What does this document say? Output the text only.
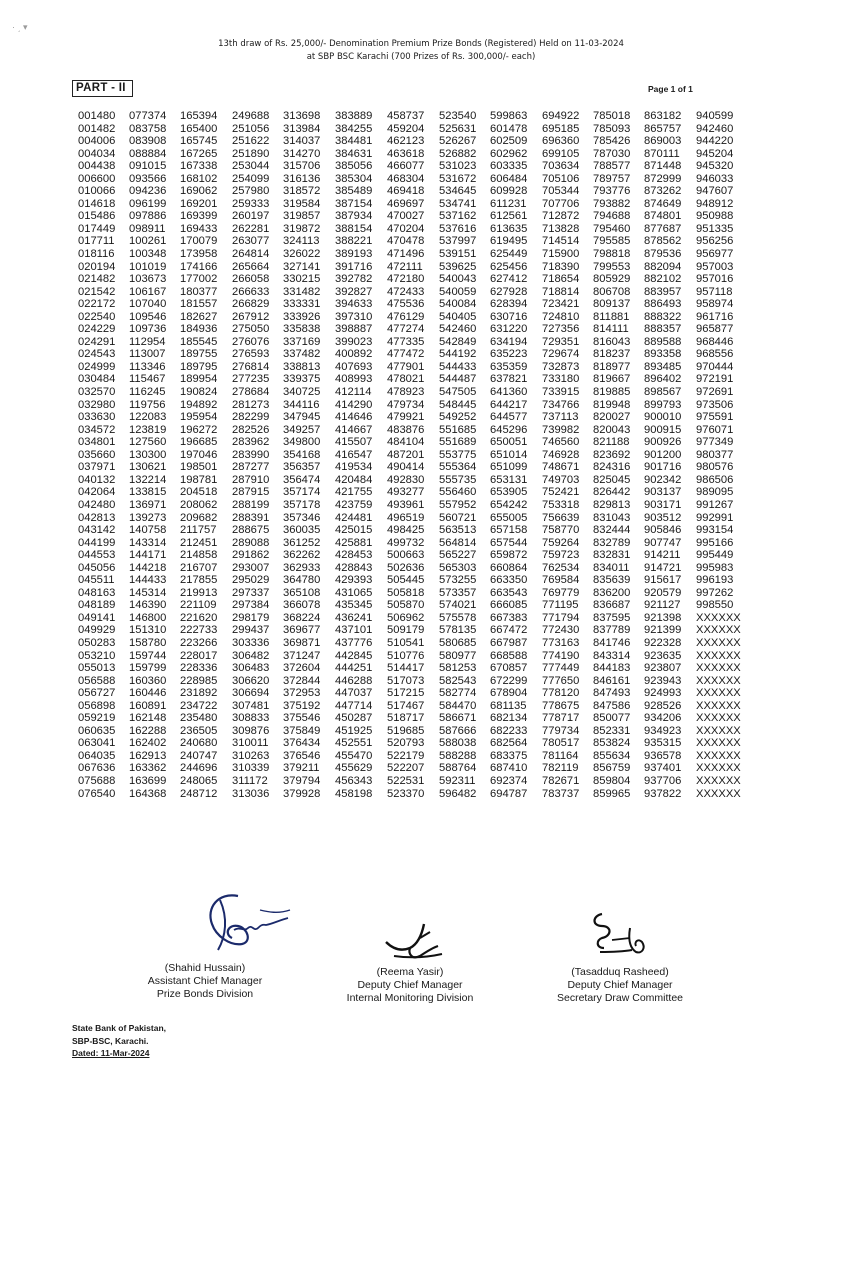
· ˏ ▾
13th draw of Rs. 25,000/- Denomination Premium Prize Bonds (Registered) Held on 11-03-2024
at SBP BSC Karachi (700 Prizes of Rs. 300,000/- each)
PART - II	Page 1 of 1
001480	077374	165394	249688	313698	383889	458737	523540	599863	694922	785018	863182	940599
001482	083758	165400	251056	313984	384255	459204	525631	601478	695185	785093	865757	942460
004006	083908	165745	251622	314037	384481	462123	526267	602509	696360	785426	869003	944220
004034	088884	167265	251890	314270	384631	463618	526882	602962	699105	787030	870111	945204
004438	091015	167338	253044	315706	385056	466077	531023	603335	703634	788577	871448	945320
006600	093566	168102	254099	316136	385304	468304	531672	606484	705106	789757	872999	946033
010066	094236	169062	257980	318572	385489	469418	534645	609928	705344	793776	873262	947607
014618	096199	169201	259333	319584	387154	469697	534741	611231	707706	793882	874649	948912
015486	097886	169399	260197	319857	387934	470027	537162	612561	712872	794688	874801	950988
017449	098911	169433	262281	319872	388154	470204	537616	613635	713828	795460	877687	951335
017711	100261	170079	263077	324113	388221	470478	537997	619495	714514	795585	878562	956256
018116	100348	173958	264814	326022	389193	471496	539151	625449	715900	798818	879536	956977
020194	101019	174166	265664	327141	391716	472111	539625	625456	718390	799553	882094	957003
021482	103673	177002	266058	330215	392782	472180	540043	627412	718654	805929	882102	957016
021542	106167	180377	266633	331482	392827	472433	540059	627928	718814	806708	883957	957118
022172	107040	181557	266829	333331	394633	475536	540084	628394	723421	809137	886493	958974
022540	109546	182627	267912	333926	397310	476129	540405	630716	724810	811881	888322	961716
024229	109736	184936	275050	335838	398887	477274	542460	631220	727356	814111	888357	965877
024291	112954	185545	276076	337169	399023	477335	542849	634194	729351	816043	889588	968446
024543	113007	189755	276593	337482	400892	477472	544192	635223	729674	818237	893358	968556
024999	113346	189795	276814	338813	407693	477901	544433	635359	732873	818977	893485	970444
030484	115467	189954	277235	339375	408993	478021	544487	637821	733180	819667	896402	972191
032570	116245	190824	278684	340725	412114	478923	547505	641360	733915	819885	898567	972691
032980	119756	194892	281273	344116	414290	479734	548445	644217	734766	819948	899793	973506
033630	122083	195954	282299	347945	414646	479921	549252	644577	737113	820027	900010	975591
034572	123819	196272	282526	349257	414667	483876	551685	645296	739982	820043	900915	976071
034801	127560	196685	283962	349800	415507	484104	551689	650051	746560	821188	900926	977349
035660	130300	197046	283990	354168	416547	487201	553775	651014	746928	823692	901200	980377
037971	130621	198501	287277	356357	419534	490414	555364	651099	748671	824316	901716	980576
040132	132214	198781	287910	356474	420484	492830	555735	653131	749703	825045	902342	986506
042064	133815	204518	287915	357174	421755	493277	556460	653905	752421	826442	903137	989095
042480	136971	208062	288199	357178	423759	493961	557952	654242	753318	829813	903171	991267
042813	139273	209682	288391	357346	424481	496519	560721	655005	756639	831043	903512	992991
043142	140758	211757	288675	360035	425015	498425	563513	657158	758770	832444	905846	993154
044199	143314	212451	289088	361252	425881	499732	564814	657544	759264	832789	907747	995166
044553	144171	214858	291862	362262	428453	500663	565227	659872	759723	832831	914211	995449
045056	144218	216707	293007	362933	428843	502636	565303	660864	762534	834011	914721	995983
045511	144433	217855	295029	364780	429393	505445	573255	663350	769584	835639	915617	996193
048163	145314	219913	297337	365108	431065	505818	573357	663543	769779	836200	920579	997262
048189	146390	221109	297384	366078	435345	505870	574021	666085	771195	836687	921127	998550
049141	146800	221620	298179	368224	436241	506962	575578	667383	771794	837595	921398	XXXXXX
049929	151310	222733	299437	369677	437101	509179	578135	667472	772430	837789	921399	XXXXXX
050283	158780	223266	303336	369871	437776	510541	580685	667987	773163	841746	922328	XXXXXX
053210	159744	228017	306482	371247	442845	510776	580977	668588	774190	843314	923635	XXXXXX
055013	159799	228336	306483	372604	444251	514417	581253	670857	777449	844183	923807	XXXXXX
056588	160360	228985	306620	372844	446288	517073	582543	672299	777650	846161	923943	XXXXXX
056727	160446	231892	306694	372953	447037	517215	582774	678904	778120	847493	924993	XXXXXX
056898	160891	234722	307481	375192	447714	517467	584470	681135	778675	847586	928526	XXXXXX
059219	162148	235480	308833	375546	450287	518717	586671	682134	778717	850077	934206	XXXXXX
060635	162288	236505	309876	375849	451925	519685	587666	682233	779734	852331	934923	XXXXXX
063041	162402	240680	310011	376434	452551	520793	588038	682564	780517	853824	935315	XXXXXX
064035	162913	240747	310263	376546	455470	522179	588288	683375	781164	855634	936578	XXXXXX
067636	163362	244696	310339	379211	455629	522207	588764	687410	782119	856759	937401	XXXXXX
075688	163699	248065	311172	379794	456343	522531	592311	692374	782671	859804	937706	XXXXXX
076540	164368	248712	313036	379928	458198	523370	596482	694787	783737	859965	937822	XXXXXX
(Shahid Hussain)
Assistant Chief Manager
Prize Bonds Division
(Reema Yasir)
Deputy Chief Manager
Internal Monitoring Division
(Tasadduq Rasheed)
Deputy Chief Manager
Secretary Draw Committee
State Bank of Pakistan,
SBP-BSC, Karachi.
Dated: 11-Mar-2024
